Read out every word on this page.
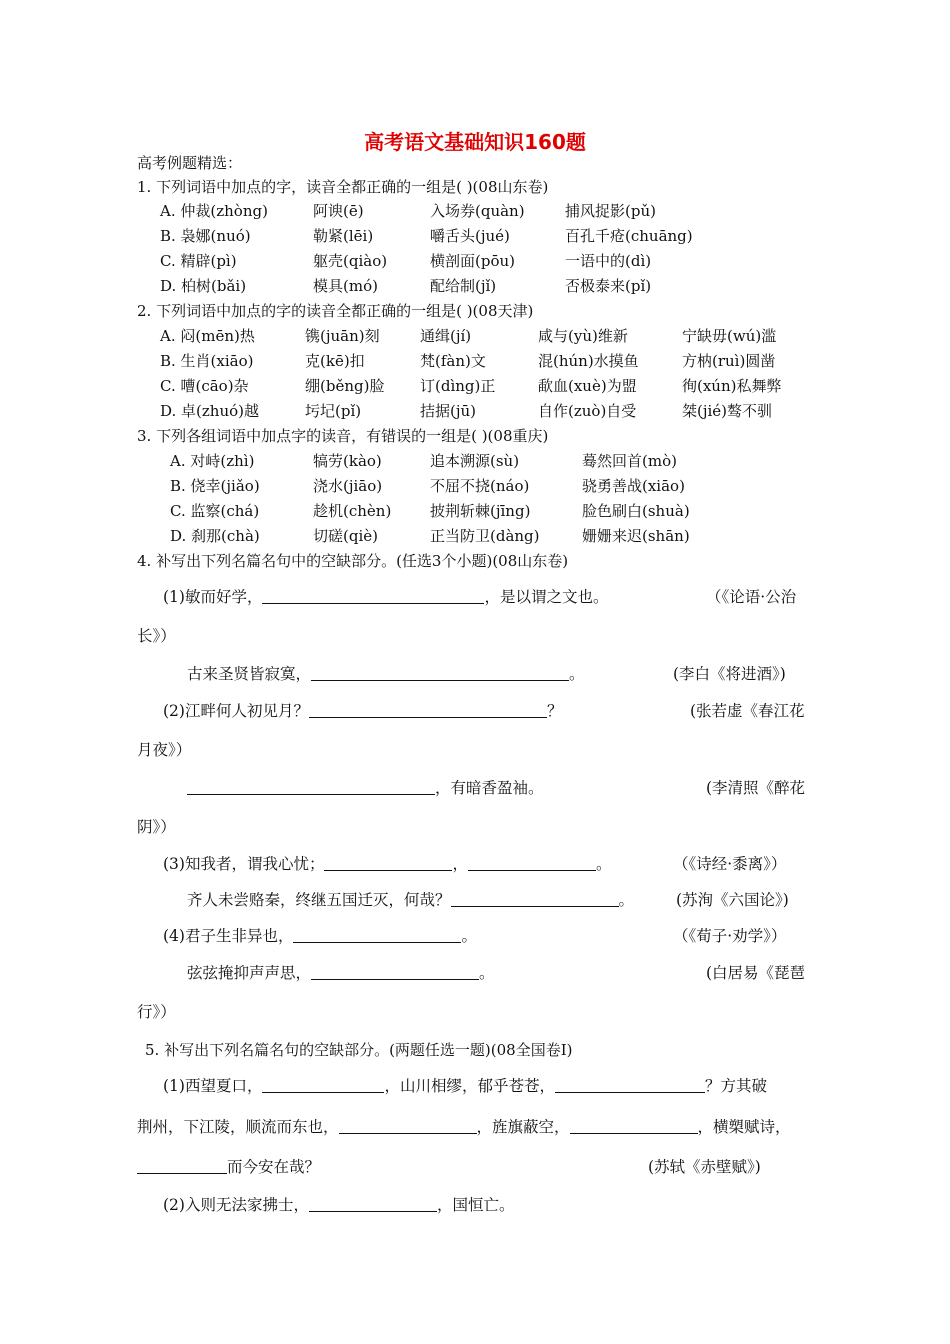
高考语文基础知识160题
高考例题精选：
1. 下列词语中加点的字，读音全都正确的一组是( )(08山东卷)
A. 仲裁(zhòng)	阿谀(ē)	入场券(quàn)	捕风捉影(pǔ)
B. 袅娜(nuó)	勒紧(lēi)	嚼舌头(jué)	百孔千疮(chuāng)
C. 精辟(pì)	躯壳(qiào)	横剖面(pōu)	一语中的(dì)
D. 柏树(bǎi)	模具(mó)	配给制(jǐ)	否极泰来(pǐ)
2. 下列词语中加点的字的读音全都正确的一组是( )(08天津)
A. 闷(mēn)热	镌(juān)刻	通缉(jí)	咸与(yù)维新	宁缺毋(wú)滥
B. 生肖(xiāo)	克(kē)扣	梵(fàn)文	混(hún)水摸鱼	方枘(ruì)圆凿
C. 嘈(cāo)杂	绷(běng)脸 订(dìng)正	歃血(xuè)为盟	徇(xún)私舞弊
D. 卓(zhuó)越	圬圮(pǐ)	拮据(jū)	自作(zuò)自受	桀(jié)骜不驯
3. 下列各组词语中加点字的读音，有错误的一组是( )(08重庆)
A. 对峙(zhì)	犒劳(kào)	追本溯源(sù)	蓦然回首(mò)
B. 侥幸(jiǎo)	浇水(jiāo)	不屈不挠(náo)	骁勇善战(xiāo)
C. 监察(chá)	趁机(chèn)	披荆斩棘(jīng)	脸色刷白(shuà)
D. 刹那(chà)	切磋(qiè)	正当防卫(dàng)	姗姗来迟(shān)
4. 补写出下列名篇名句中的空缺部分。(任选3个小题)(08山东卷)
(1)敏而好学，	，是以谓之文也。	（《论语·公治
长》）
古来圣贤皆寂寞，	。	(李白《将进酒》)
(2)江畔何人初见月？	？	(张若虚《春江花
月夜》）
，有暗香盈袖。	(李清照《醉花
阴》）
(3)知我者，谓我心忧；	，	。	（《诗经·黍离》）
齐人未尝赂秦，终继五国迁灭，何哉？	。	(苏洵《六国论》)
(4)君子生非异也，	。	（《荀子·劝学》）
弦弦掩抑声声思，	。	(白居易《琵琶
行》）
5. 补写出下列名篇名句的空缺部分。(两题任选一题)(08全国卷Ⅰ)
(1)西望夏口，	，山川相缪，郁乎苍苍，	？方其破
荆州，下江陵，顺流而东也，	，旌旗蔽空，	，横槊赋诗，
而今安在哉？	(苏轼《赤壁赋》)
(2)入则无法家拂士，	，国恒亡。
